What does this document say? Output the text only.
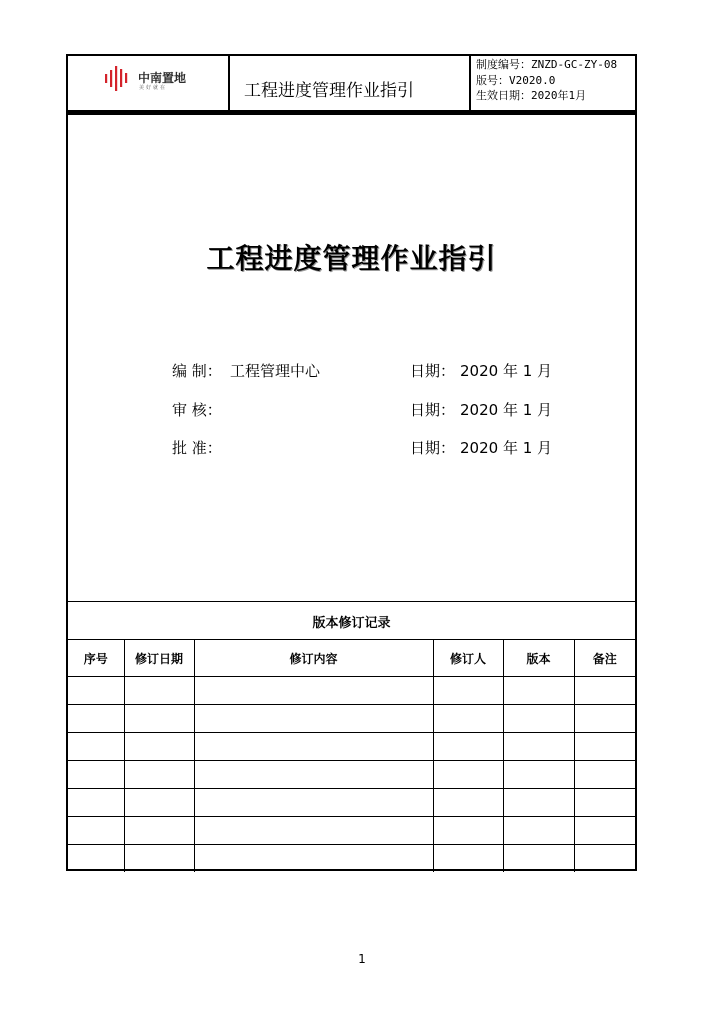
中南置地
美好就在	工程进度管理作业指引
制度编号：ZNZD-GC-ZY-08
版号：V2020.0
生效日期：2020年1月
工程进度管理作业指引
编 制： 工程管理中心	日期： 2020 年 1 月
审 核：	日期： 2020 年 1 月
批 准：	日期： 2020 年 1 月
版本修订记录
序号	修订日期	修订内容	修订人	版本	备注

1
